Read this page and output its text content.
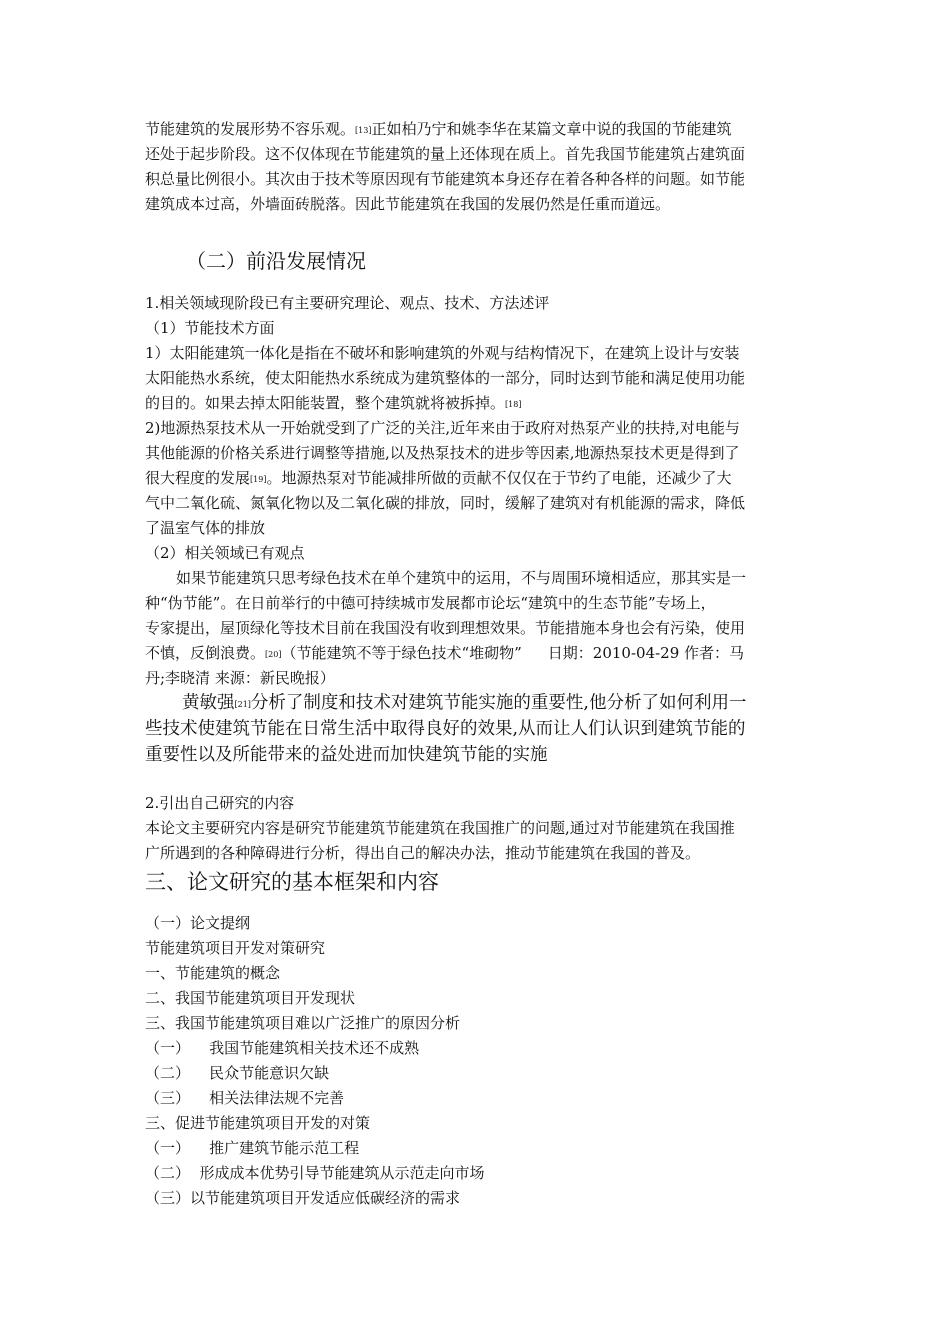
节能建筑的发展形势不容乐观。[13]正如柏乃宁和姚李华在某篇文章中说的我国的节能建筑
还处于起步阶段。这不仅体现在节能建筑的量上还体现在质上。首先我国节能建筑占建筑面
积总量比例很小。其次由于技术等原因现有节能建筑本身还存在着各种各样的问题。如节能
建筑成本过高，外墙面砖脱落。因此节能建筑在我国的发展仍然是任重而道远。
（二）前沿发展情况
1.相关领域现阶段已有主要研究理论、观点、技术、方法述评
（1）节能技术方面
1）太阳能建筑一体化是指在不破坏和影响建筑的外观与结构情况下，在建筑上设计与安装
太阳能热水系统，使太阳能热水系统成为建筑整体的一部分，同时达到节能和满足使用功能
的目的。如果去掉太阳能装置，整个建筑就将被拆掉。[18]
2)地源热泵技术从一开始就受到了广泛的关注,近年来由于政府对热泵产业的扶持,对电能与
其他能源的价格关系进行调整等措施,以及热泵技术的进步等因素,地源热泵技术更是得到了
很大程度的发展[19]。地源热泵对节能减排所做的贡献不仅仅在于节约了电能，还减少了大
气中二氧化硫、氮氧化物以及二氧化碳的排放，同时，缓解了建筑对有机能源的需求，降低
了温室气体的排放
（2）相关领域已有观点
如果节能建筑只思考绿色技术在单个建筑中的运用，不与周围环境相适应，那其实是一
种“伪节能”。在日前举行的中德可持续城市发展都市论坛“建筑中的生态节能”专场上，
专家提出，屋顶绿化等技术目前在我国没有收到理想效果。节能措施本身也会有污染，使用
不慎，反倒浪费。[20]（节能建筑不等于绿色技术“堆砌物” 日期：2010-04-29 作者：马
丹;李晓清 来源：新民晚报）
黄敏强[21]分析了制度和技术对建筑节能实施的重要性,他分析了如何利用一
些技术使建筑节能在日常生活中取得良好的效果,从而让人们认识到建筑节能的
重要性以及所能带来的益处进而加快建筑节能的实施
2.引出自己研究的内容
本论文主要研究内容是研究节能建筑节能建筑在我国推广的问题,通过对节能建筑在我国推
广所遇到的各种障碍进行分析，得出自己的解决办法，推动节能建筑在我国的普及。
三、论文研究的基本框架和内容
（一）论文提纲
节能建筑项目开发对策研究
一、节能建筑的概念
二、我国节能建筑项目开发现状
三、我国节能建筑项目难以广泛推广的原因分析
（一）    我国节能建筑相关技术还不成熟
（二）    民众节能意识欠缺
（三）    相关法律法规不完善
三、促进节能建筑项目开发的对策
（一）    推广建筑节能示范工程
（二）  形成成本优势引导节能建筑从示范走向市场
（三）以节能建筑项目开发适应低碳经济的需求
